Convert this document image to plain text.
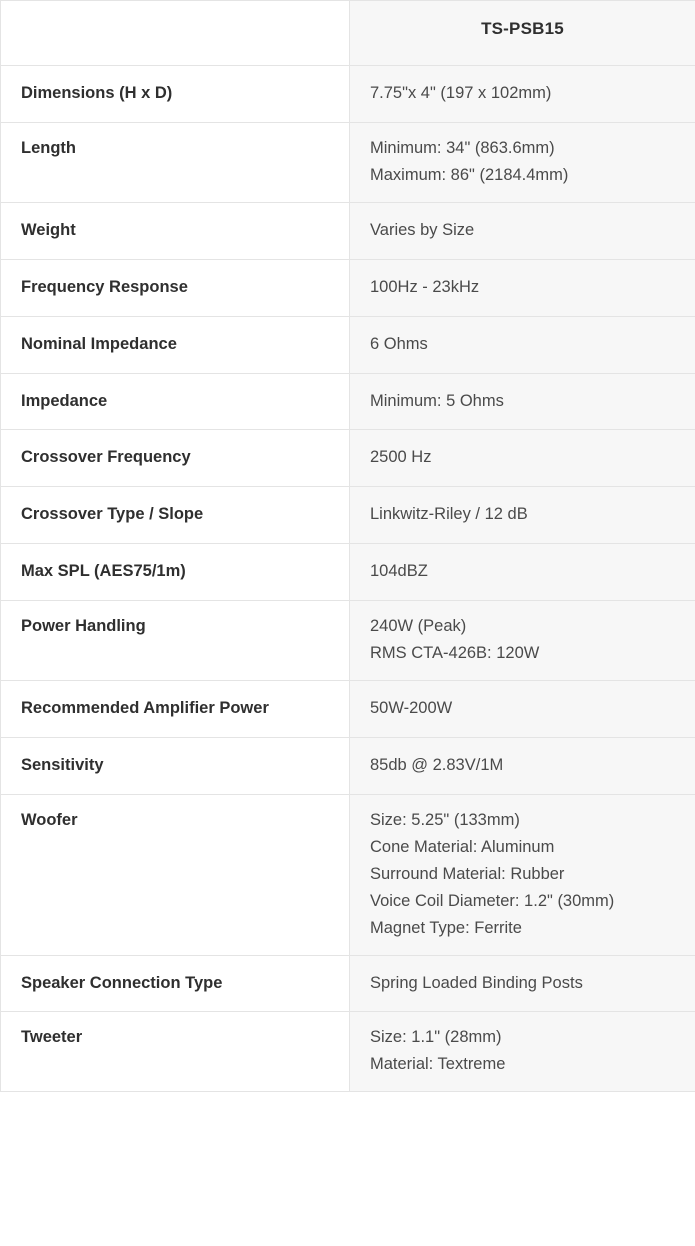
	TS-PSB15
Dimensions (H x D)	7.75"x 4" (197 x 102mm)

Length	Minimum: 34" (863.6mm)
Maximum: 86" (2184.4mm)

Weight	Varies by Size

Frequency Response	100Hz - 23kHz

Nominal Impedance	6 Ohms

Impedance	Minimum: 5 Ohms

Crossover Frequency	2500 Hz

Crossover Type / Slope	Linkwitz-Riley / 12 dB

Max SPL (AES75/1m)	104dBZ

Power Handling	240W (Peak)
RMS CTA-426B: 120W

Recommended Amplifier Power	50W-200W

Sensitivity	85db @ 2.83V/1M

Woofer	Size: 5.25" (133mm)
Cone Material: Aluminum
Surround Material: Rubber
Voice Coil Diameter: 1.2" (30mm)
Magnet Type: Ferrite

Speaker Connection Type	Spring Loaded Binding Posts

Tweeter	Size: 1.1" (28mm)
Material: Textreme
